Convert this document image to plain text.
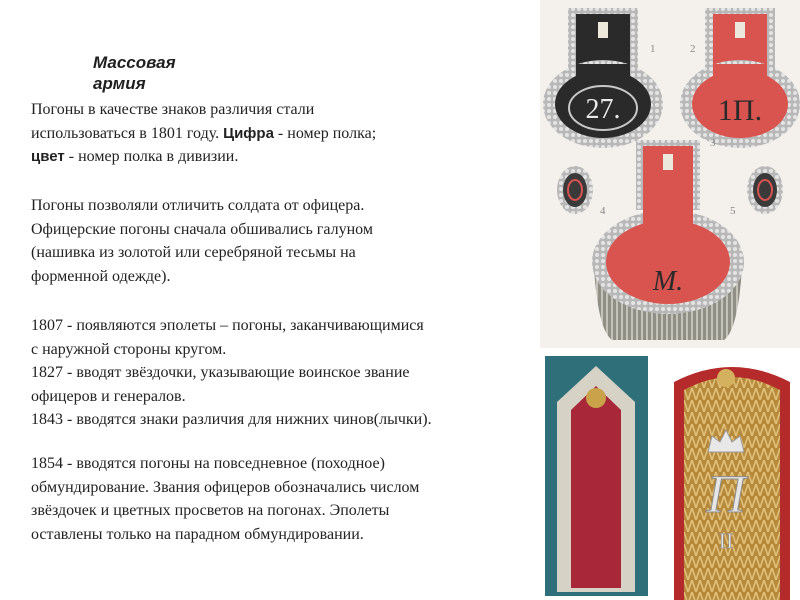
Массовая
армия

Погоны в качестве знаков различия стали
использоваться в 1801 году. Цифра - номер полка;
цвет - номер полка в дивизии.

Погоны позволяли отличить солдата от офицера.
Офицерские погоны сначала обшивались галуном
(нашивка из золотой или серебряной тесьмы на
форменной одежде).

1807 - появляются эполеты – погоны, заканчивающимися
с наружной стороны кругом.
1827 - вводят звёздочки, указывающие воинское звание
офицеров и генералов.
1843 - вводятся знаки различия для нижних чинов(лычки).

1854 - вводятся погоны на повседневное (походное)
обмундирование. Звания офицеров обозначались числом
звёздочек и цветных просветов на погонах. Эполеты
оставлены только на парадном обмундировании.

27.	1П.
1	2
4	5
М.
3
П
II
